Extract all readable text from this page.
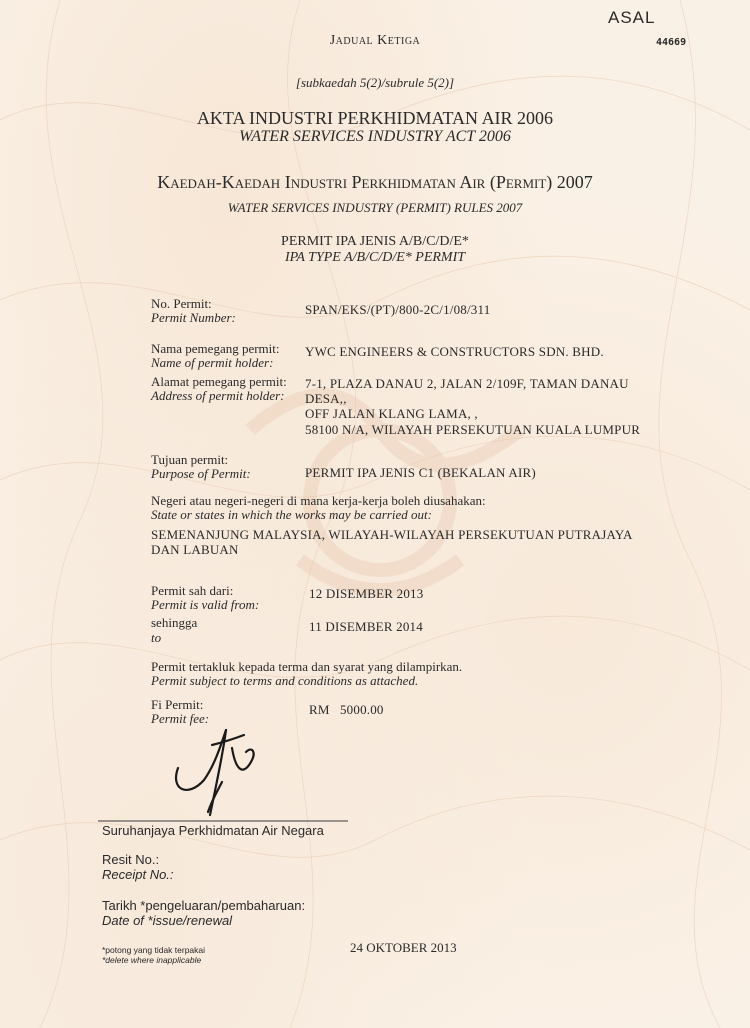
ASAL
44669
Jadual Ketiga
[subkaedah 5(2)/subrule 5(2)]
AKTA INDUSTRI PERKHIDMATAN AIR 2006
WATER SERVICES INDUSTRY ACT 2006
Kaedah-Kaedah Industri Perkhidmatan Air (Permit) 2007
WATER SERVICES INDUSTRY (PERMIT) RULES 2007
PERMIT IPA JENIS A/B/C/D/E*
IPA TYPE A/B/C/D/E* PERMIT
No. Permit:
Permit Number:
SPAN/EKS/(PT)/800-2C/1/08/311
Nama pemegang permit:
Name of permit holder:
YWC ENGINEERS & CONSTRUCTORS SDN. BHD.
Alamat pemegang permit:
Address of permit holder:
7-1, PLAZA DANAU 2, JALAN 2/109F, TAMAN DANAU
DESA,,
OFF JALAN KLANG LAMA, ,
58100 N/A, WILAYAH PERSEKUTUAN KUALA LUMPUR
Tujuan permit:
Purpose of Permit:	PERMIT IPA JENIS C1 (BEKALAN AIR)
Negeri atau negeri-negeri di mana kerja-kerja boleh diusahakan:
State or states in which the works may be carried out:
SEMENANJUNG MALAYSIA, WILAYAH-WILAYAH PERSEKUTUAN PUTRAJAYA
DAN LABUAN
Permit sah dari:
Permit is valid from:
12 DISEMBER 2013
sehingga
to
11 DISEMBER 2014
Permit tertakluk kepada terma dan syarat yang dilampirkan.
Permit subject to terms and conditions as attached.
Fi Permit:
Permit fee:
RM   5000.00
Suruhanjaya Perkhidmatan Air Negara
Resit No.:
Receipt No.:
Tarikh *pengeluaran/pembaharuan:
Date of *issue/renewal
*potong yang tidak terpakai
*delete where inapplicable
24 OKTOBER 2013
